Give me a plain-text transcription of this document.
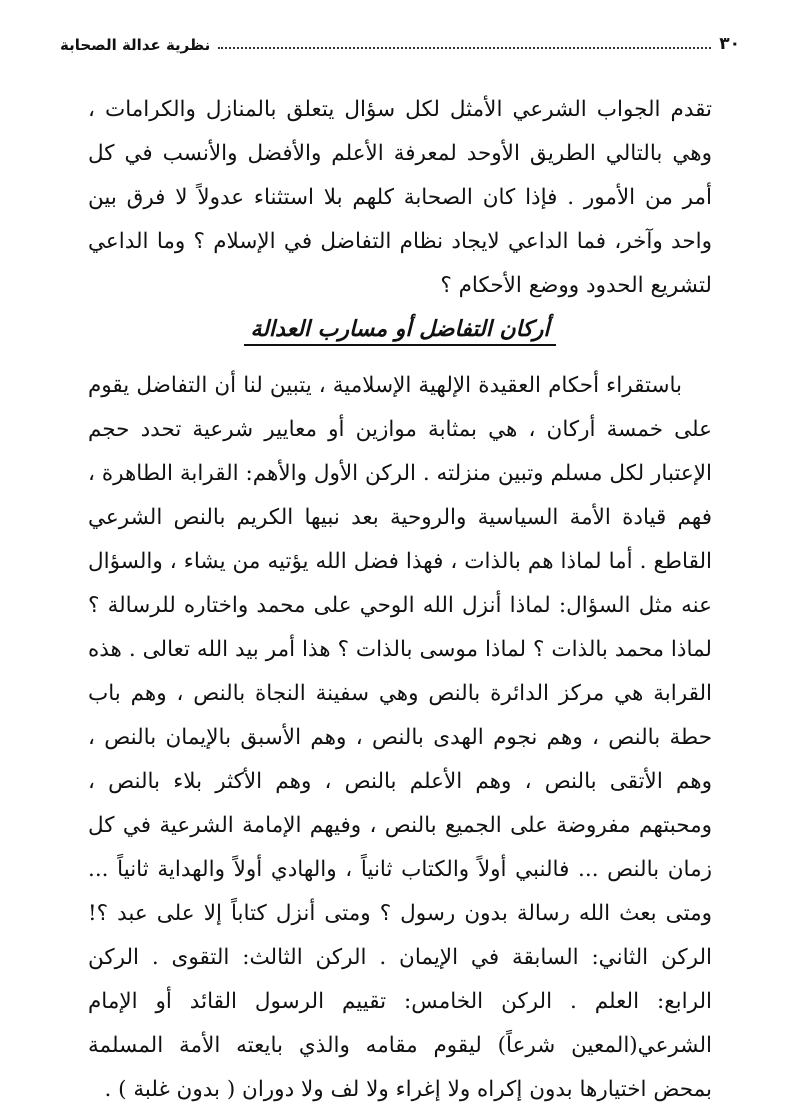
٣٠
نظرية عدالة الصحابة

تقدم الجواب الشرعي الأمثل لكل سؤال يتعلق بالمنازل والكرامات ، وهي بالتالي الطريق الأوحد لمعرفة الأعلم والأفضل والأنسب في كل أمر من الأمور . فإذا كان الصحابة كلهم بلا استثناء عدولاً لا فرق بين واحد وآخر، فما الداعي لايجاد نظام التفاضل في الإسلام ؟ وما الداعي لتشريع الحدود ووضع الأحكام ؟

أركان التفاضل أو مسارب العدالة

باستقراء أحكام العقيدة الإلهية الإسلامية ، يتبين لنا أن التفاضل يقوم على خمسة أركان ، هي بمثابة موازين أو معايير شرعية تحدد حجم الإعتبار لكل مسلم وتبين منزلته . الركن الأول والأهم: القرابة الطاهرة ، فهم قيادة الأمة السياسية والروحية بعد نبيها الكريم بالنص الشرعي القاطع . أما لماذا هم بالذات ، فهذا فضل الله يؤتيه من يشاء ، والسؤال عنه مثل السؤال: لماذا أنزل الله الوحي على محمد واختاره للرسالة ؟ لماذا محمد بالذات ؟ لماذا موسى بالذات ؟ هذا أمر بيد الله تعالى . هذه القرابة هي مركز الدائرة بالنص وهي سفينة النجاة بالنص ، وهم باب حطة بالنص ، وهم نجوم الهدى بالنص ، وهم الأسبق بالإيمان بالنص ، وهم الأتقى بالنص ، وهم الأعلم بالنص ، وهم الأكثر بلاء بالنص ، ومحبتهم مفروضة على الجميع بالنص ، وفيهم الإمامة الشرعية في كل زمان بالنص ... فالنبي أولاً والكتاب ثانياً ، والهادي أولاً والهداية ثانياً ... ومتى بعث الله رسالة بدون رسول ؟ ومتى أنزل كتاباً إلا على عبد ؟! الركن الثاني: السابقة في الإيمان . الركن الثالث: التقوى . الركن الرابع: العلم . الركن الخامس: تقييم الرسول القائد أو الإمام الشرعي(المعين شرعاً) ليقوم مقامه والذي بايعته الأمة المسلمة بمحض اختيارها بدون إكراه ولا إغراء ولا لف ولا دوران ( بدون غلبة ) .
